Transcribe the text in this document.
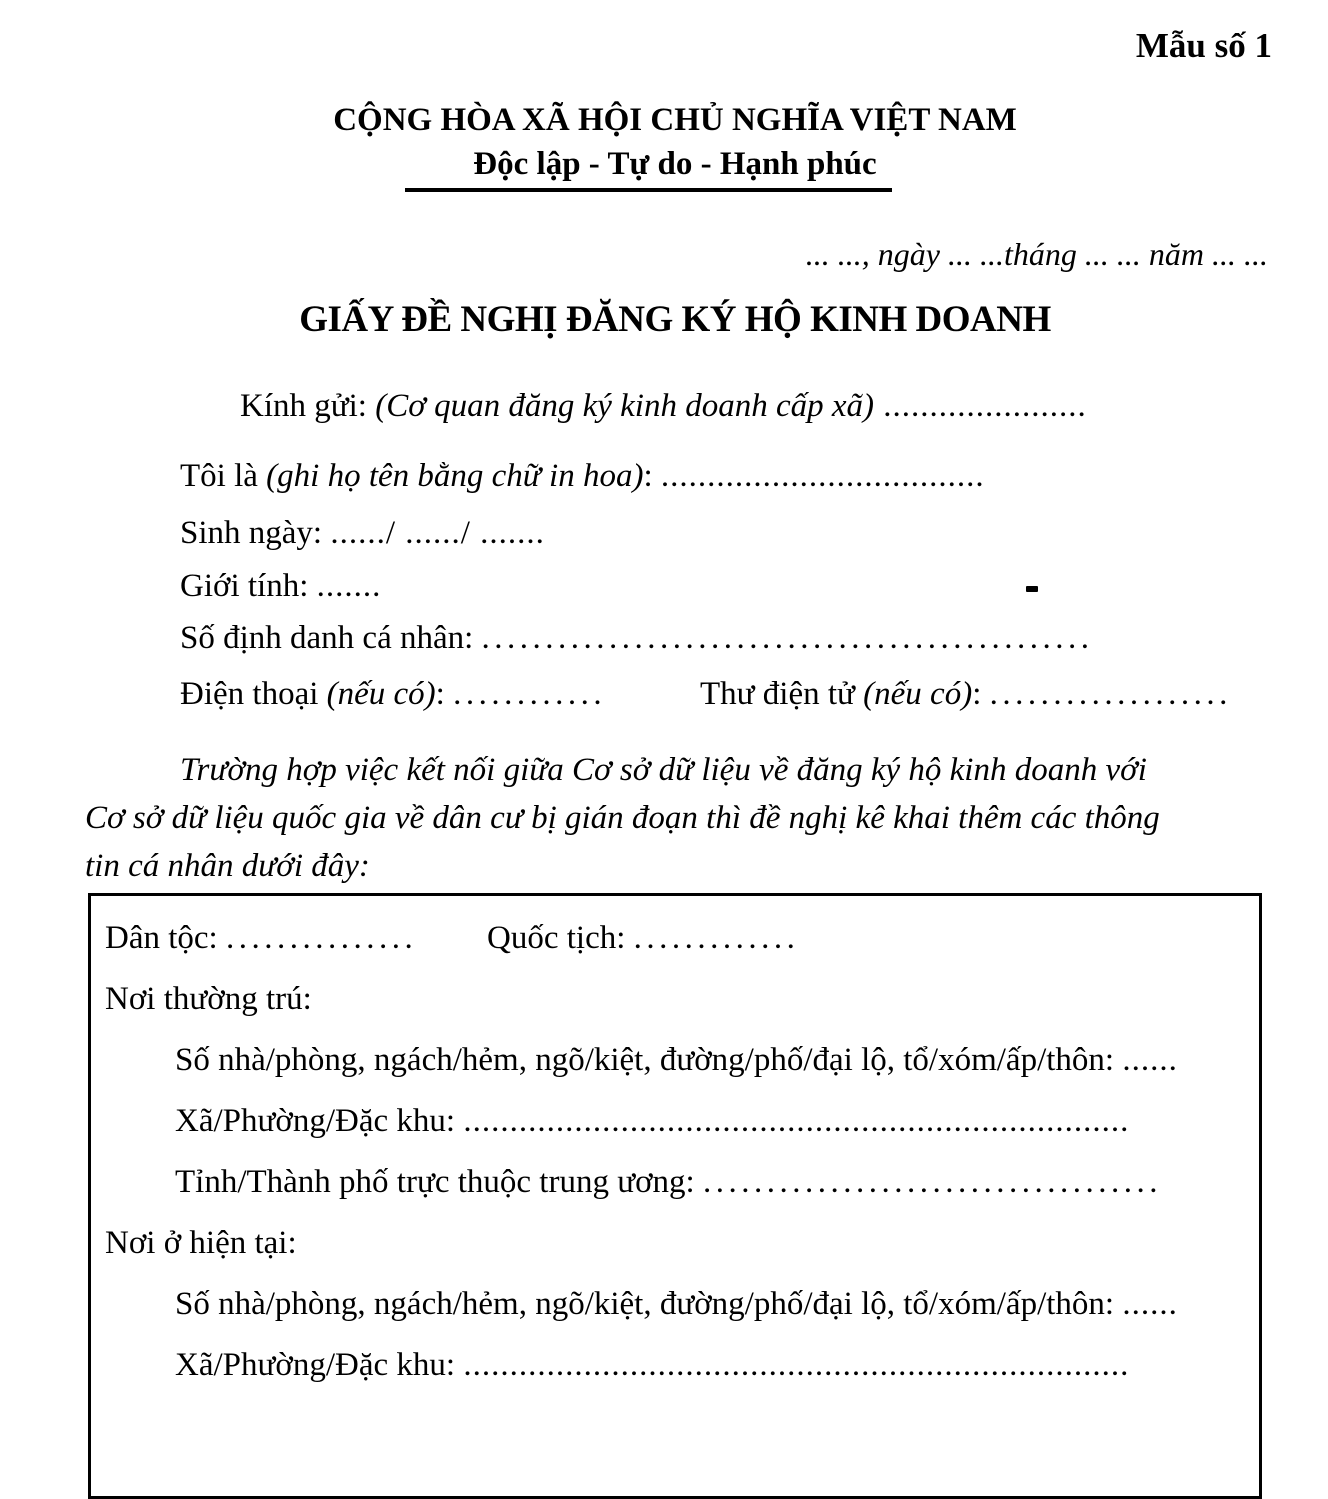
Mẫu số 1
CỘNG HÒA XÃ HỘI CHỦ NGHĨA VIỆT NAM
Độc lập - Tự do - Hạnh phúc
... ..., ngày ... ...tháng ... ... năm ... ...
GIẤY ĐỀ NGHỊ ĐĂNG KÝ HỘ KINH DOANH
Kính gửi: (Cơ quan đăng ký kinh doanh cấp xã) ......................
Tôi là (ghi họ tên bằng chữ in hoa): ...................................
Sinh ngày: ....../ ....../ .......
Giới tính: .......
Số định danh cá nhân: ................................................
Điện thoại (nếu có): ............	Thư điện tử (nếu có): ...................
Trường hợp việc kết nối giữa Cơ sở dữ liệu về đăng ký hộ kinh doanh với
Cơ sở dữ liệu quốc gia về dân cư bị gián đoạn thì đề nghị kê khai thêm các thông
tin cá nhân dưới đây:
Dân tộc: ............... Quốc tịch: .............
Nơi thường trú:
Số nhà/phòng, ngách/hẻm, ngõ/kiệt, đường/phố/đại lộ, tổ/xóm/ấp/thôn: ......
Xã/Phường/Đặc khu: ........................................................................
Tỉnh/Thành phố trực thuộc trung ương: ....................................
Nơi ở hiện tại:
Số nhà/phòng, ngách/hẻm, ngõ/kiệt, đường/phố/đại lộ, tổ/xóm/ấp/thôn: ......
Xã/Phường/Đặc khu: ........................................................................
